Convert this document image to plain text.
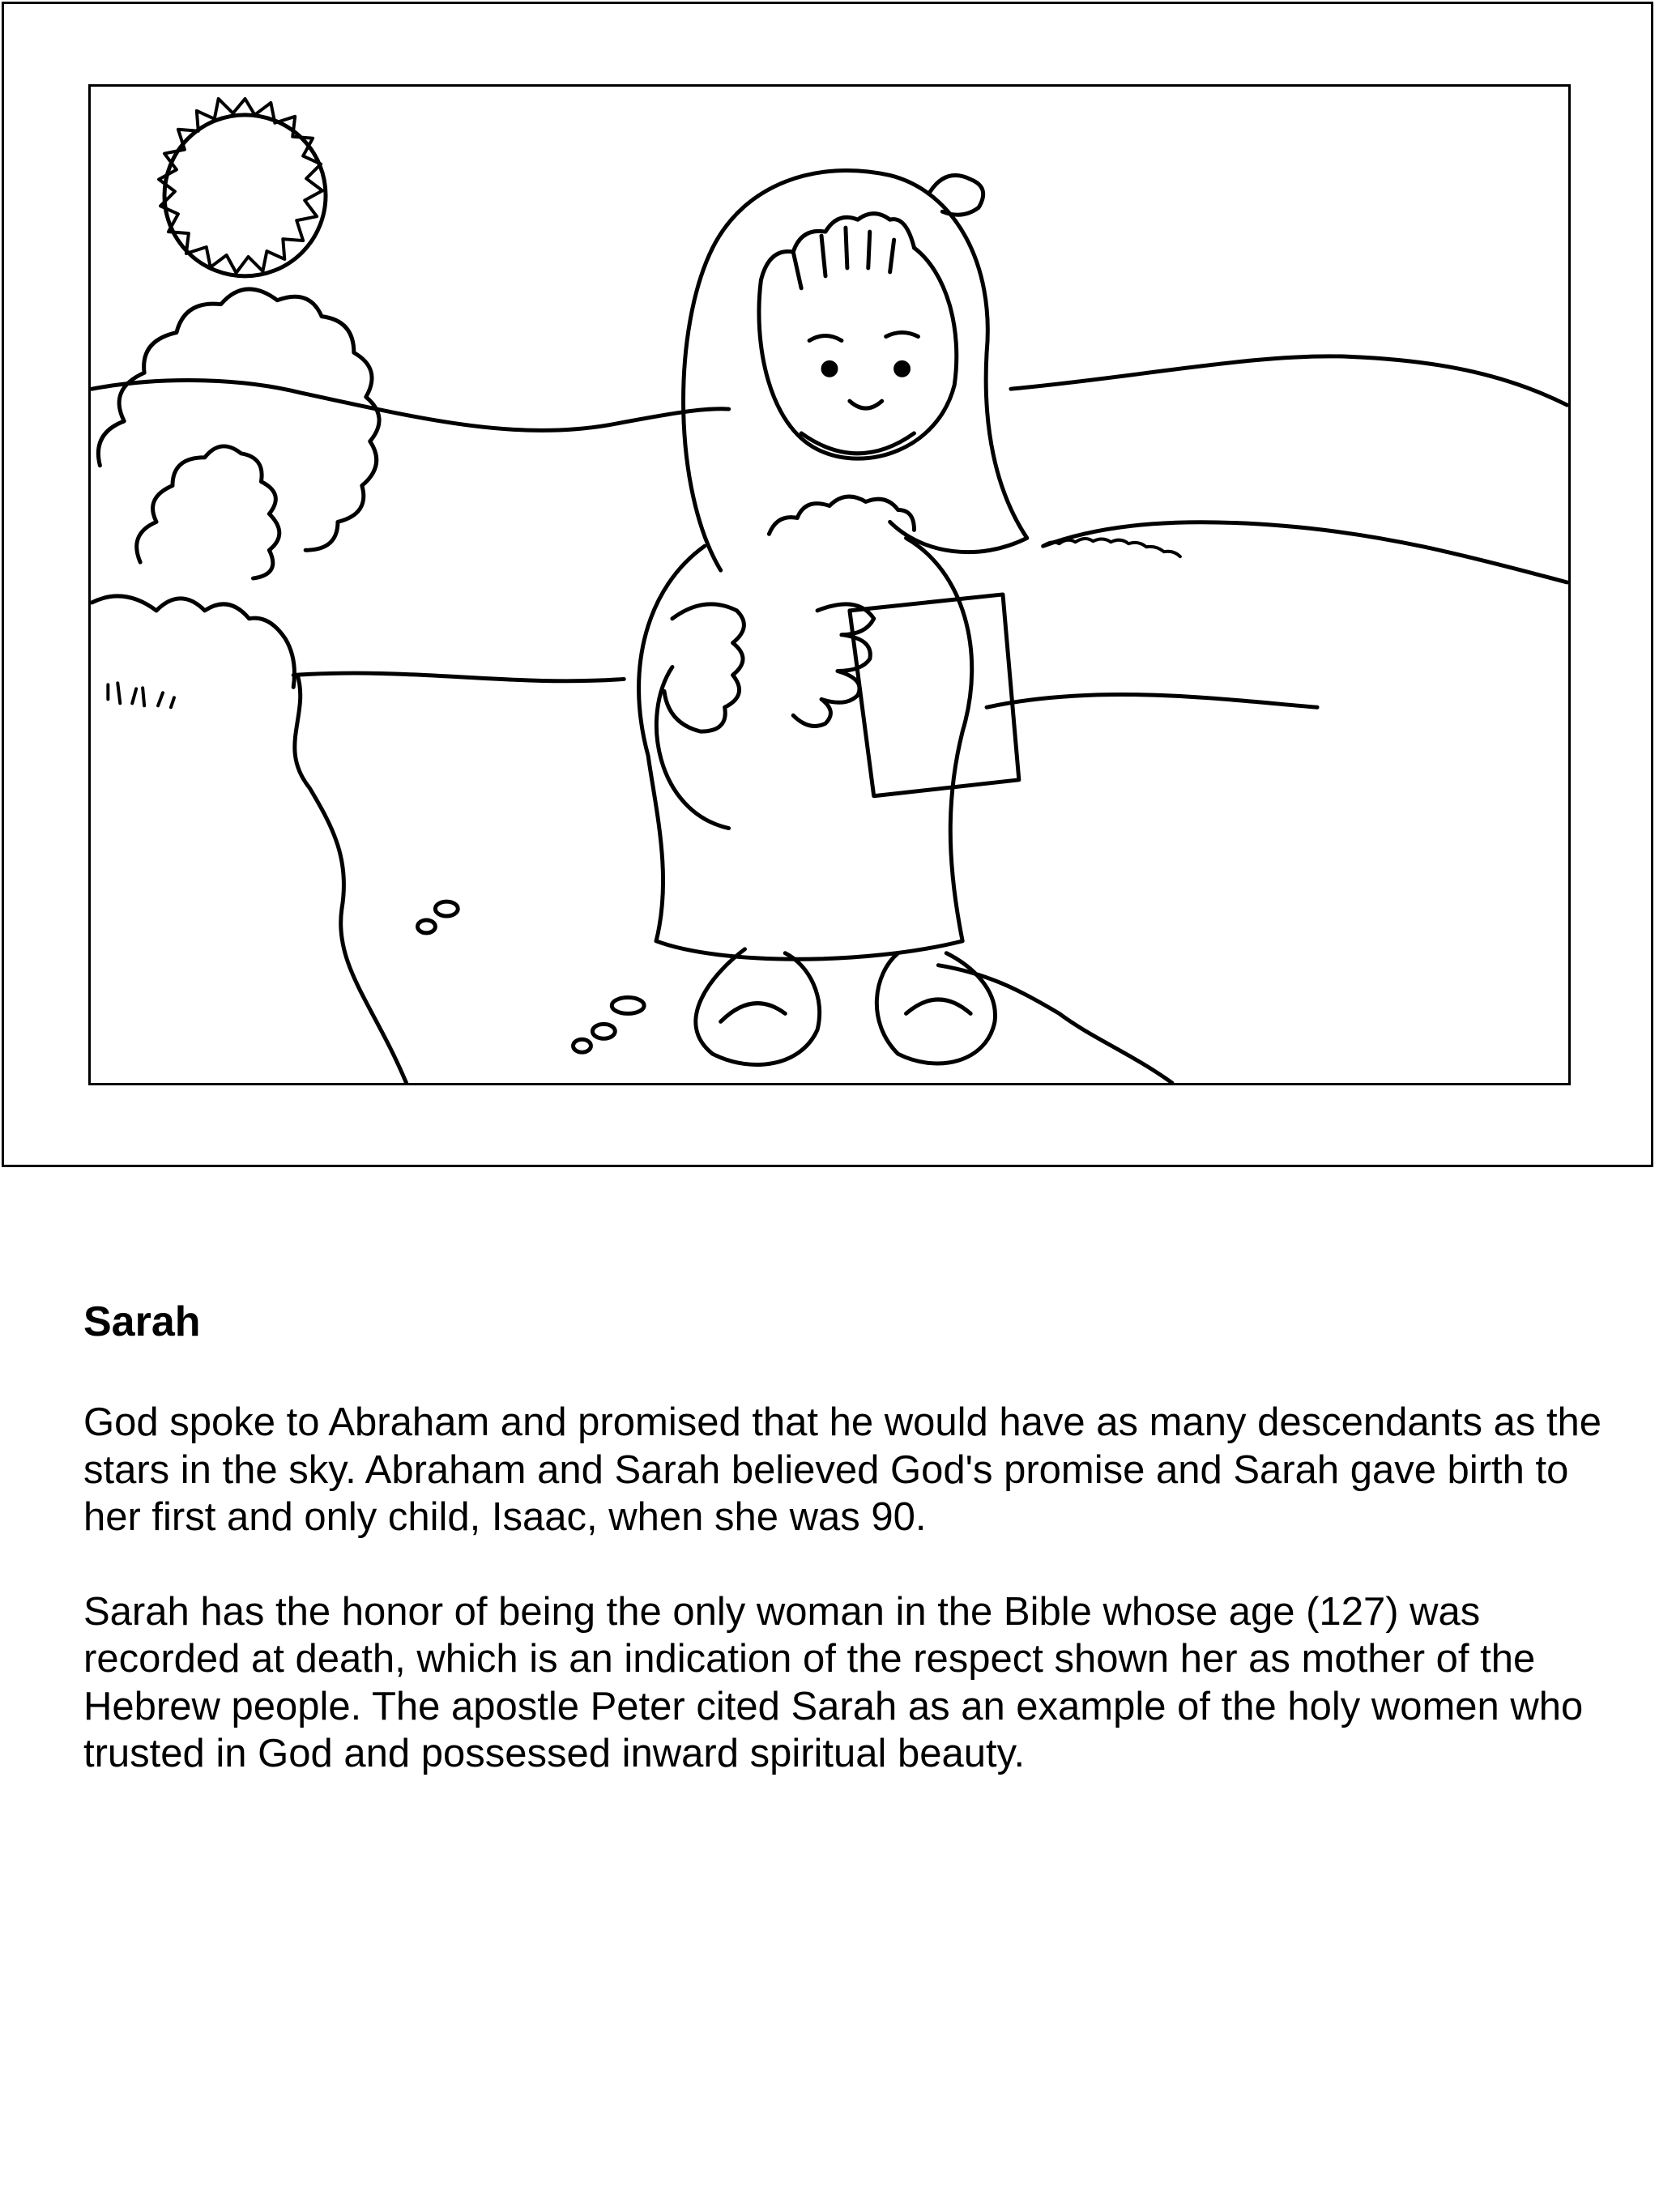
Sarah

God spoke to Abraham and promised that he would have as many descendants as the stars in the sky. Abraham and Sarah believed God's promise and Sarah gave birth to her first and only child, Isaac, when she was 90.

Sarah has the honor of being the only woman in the Bible whose age (127) was recorded at death, which is an indication of the respect shown her as mother of the Hebrew people. The apostle Peter cited Sarah as an example of the holy women who trusted in God and possessed inward spiritual beauty.
